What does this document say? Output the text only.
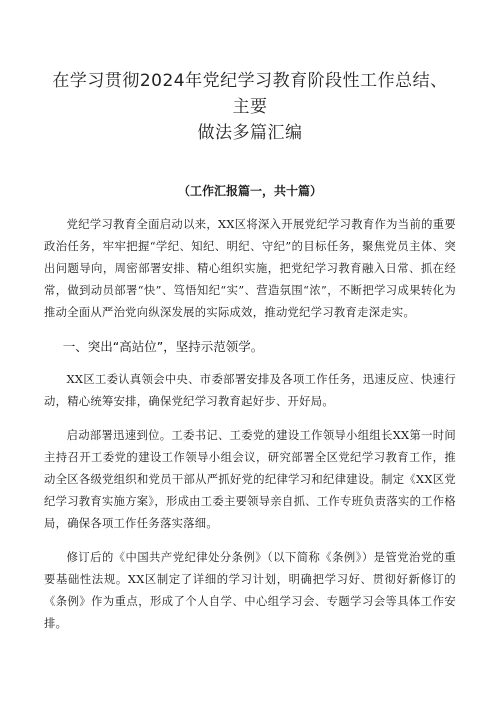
在学习贯彻2024年党纪学习教育阶段性工作总结、主要
做法多篇汇编

（工作汇报篇一，共十篇）

党纪学习教育全面启动以来，XX区将深入开展党纪学习教育作为当前的重要政治任务，牢牢把握“学纪、知纪、明纪、守纪”的目标任务，聚焦党员主体、突出问题导向，周密部署安排、精心组织实施，把党纪学习教育融入日常、抓在经常，做到动员部署“快”、笃悟知纪“实”、营造氛围“浓”，不断把学习成果转化为推动全面从严治党向纵深发展的实际成效，推动党纪学习教育走深走实。

一、突出“高站位”，坚持示范领学。

XX区工委认真领会中央、市委部署安排及各项工作任务，迅速反应、快速行动，精心统筹安排，确保党纪学习教育起好步、开好局。

启动部署迅速到位。工委书记、工委党的建设工作领导小组组长XX第一时间主持召开工委党的建设工作领导小组会议，研究部署全区党纪学习教育工作，推动全区各级党组织和党员干部从严抓好党的纪律学习和纪律建设。制定《XX区党纪学习教育实施方案》，形成由工委主要领导亲自抓、工作专班负责落实的工作格局，确保各项工作任务落实落细。

修订后的《中国共产党纪律处分条例》（以下简称《条例》）是管党治党的重要基础性法规。XX区制定了详细的学习计划，明确把学习好、贯彻好新修订的《条例》作为重点，形成了个人自学、中心组学习会、专题学习会等具体工作安排。
